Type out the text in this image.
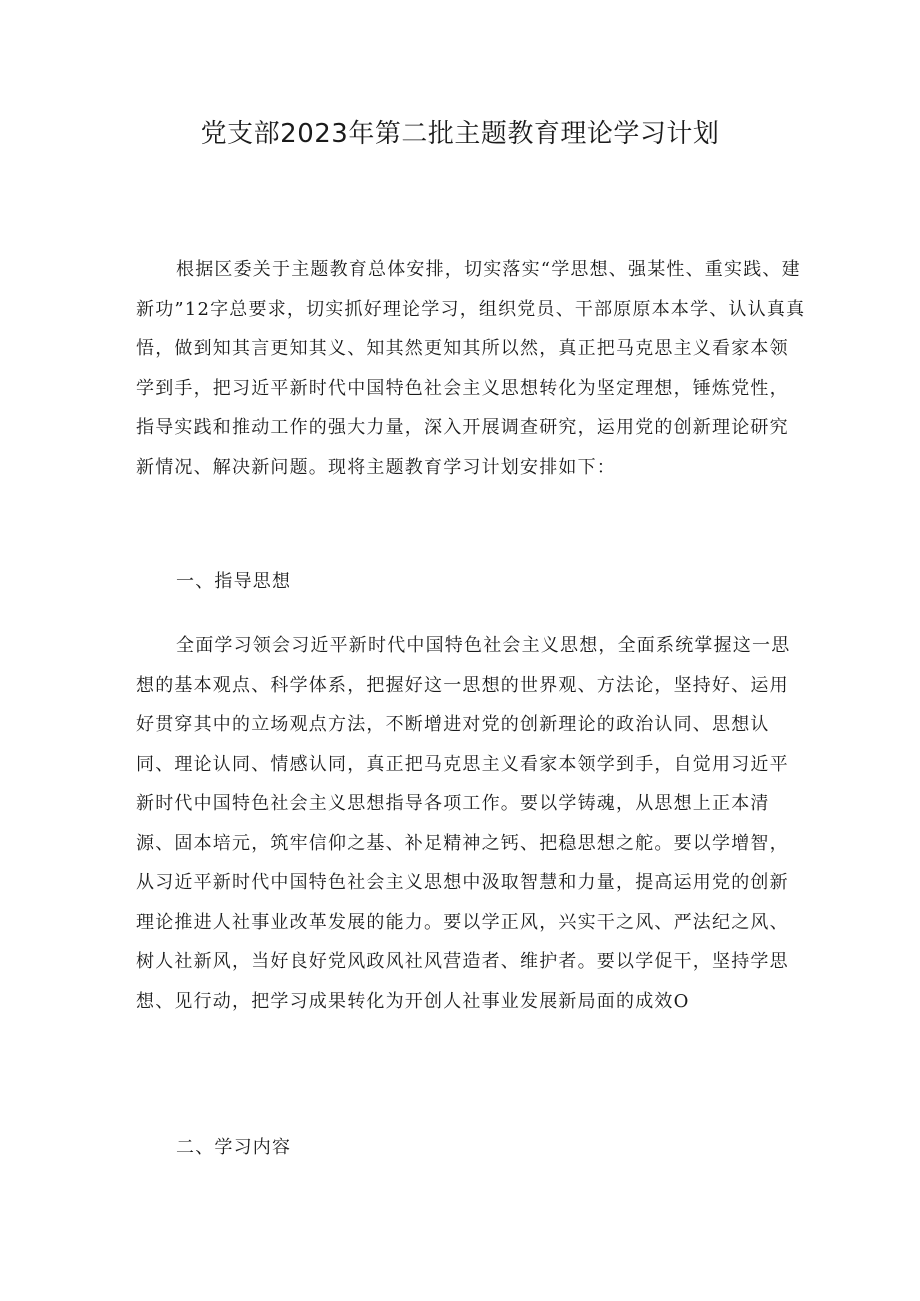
党支部2023年第二批主题教育理论学习计划

根据区委关于主题教育总体安排，切实落实“学思想、强某性、重实践、建新功”12字总要求，切实抓好理论学习，组织党员、干部原原本本学、认认真真悟，做到知其言更知其义、知其然更知其所以然，真正把马克思主义看家本领学到手，把习近平新时代中国特色社会主义思想转化为坚定理想，锤炼党性，指导实践和推动工作的强大力量，深入开展调查研究，运用党的创新理论研究新情况、解决新问题。现将主题教育学习计划安排如下：

一、指导思想

全面学习领会习近平新时代中国特色社会主义思想，全面系统掌握这一思想的基本观点、科学体系，把握好这一思想的世界观、方法论，坚持好、运用好贯穿其中的立场观点方法，不断增进对党的创新理论的政治认同、思想认同、理论认同、情感认同，真正把马克思主义看家本领学到手，自觉用习近平新时代中国特色社会主义思想指导各项工作。要以学铸魂，从思想上正本清源、固本培元，筑牢信仰之基、补足精神之钙、把稳思想之舵。要以学增智，从习近平新时代中国特色社会主义思想中汲取智慧和力量，提高运用党的创新理论推进人社事业改革发展的能力。要以学正风，兴实干之风、严法纪之风、树人社新风，当好良好党风政风社风营造者、维护者。要以学促干，坚持学思想、见行动，把学习成果转化为开创人社事业发展新局面的成效O

二、学习内容
